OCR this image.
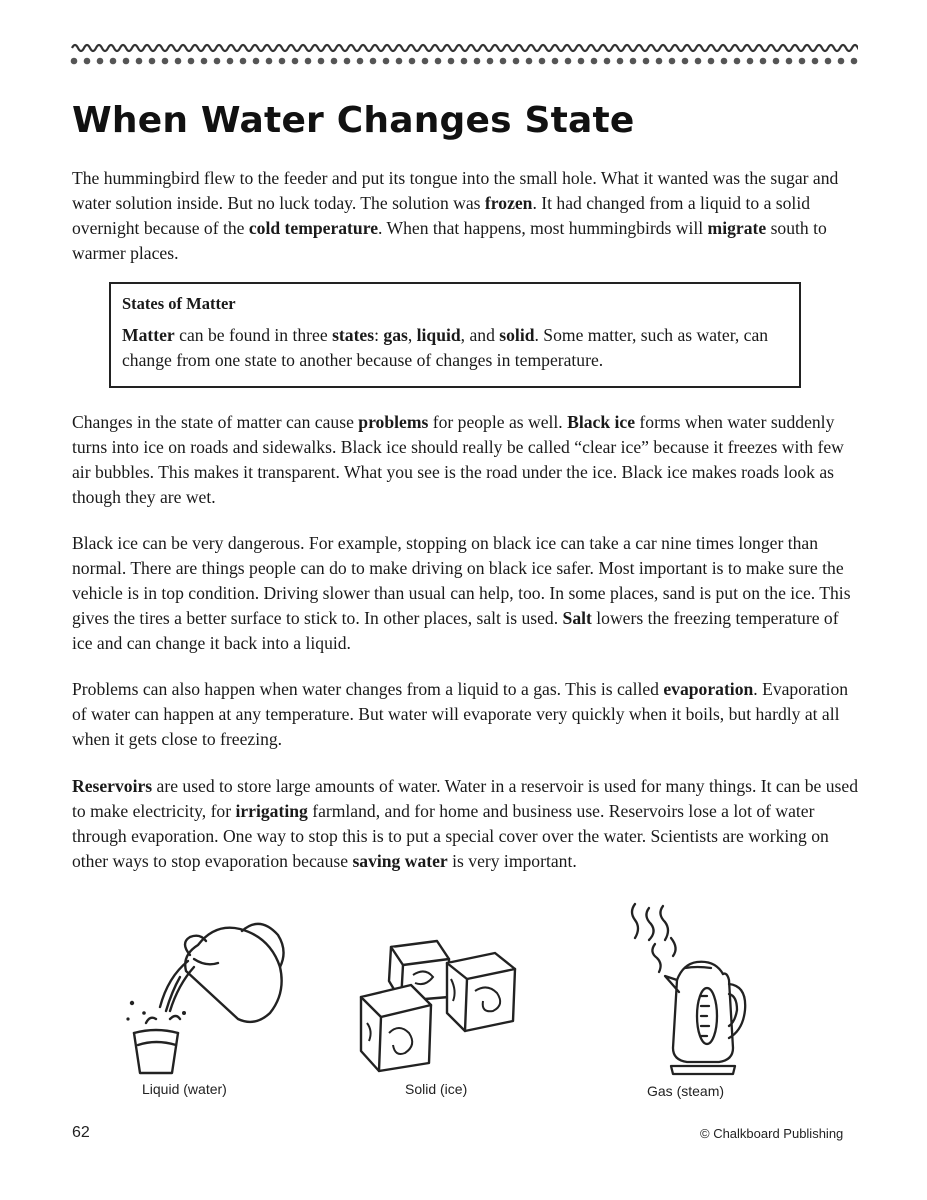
When Water Changes State

The hummingbird flew to the feeder and put its tongue into the small hole. What it wanted was the sugar and water solution inside. But no luck today. The solution was frozen. It had changed from a liquid to a solid overnight because of the cold temperature. When that happens, most hummingbirds will migrate south to warmer places.

States of Matter

Matter can be found in three states: gas, liquid, and solid. Some matter, such as water, can change from one state to another because of changes in temperature.

Changes in the state of matter can cause problems for people as well. Black ice forms when water suddenly turns into ice on roads and sidewalks. Black ice should really be called “clear ice” because it freezes with few air bubbles. This makes it transparent. What you see is the road under the ice. Black ice makes roads look as though they are wet.

Black ice can be very dangerous. For example, stopping on black ice can take a car nine times longer than normal. There are things people can do to make driving on black ice safer. Most important is to make sure the vehicle is in top condition. Driving slower than usual can help, too. In some places, sand is put on the ice. This gives the tires a better surface to stick to. In other places, salt is used. Salt lowers the freezing temperature of ice and can change it back into a liquid.

Problems can also happen when water changes from a liquid to a gas. This is called evaporation. Evaporation of water can happen at any temperature. But water will evaporate very quickly when it boils, but hardly at all when it gets close to freezing.

Reservoirs are used to store large amounts of water. Water in a reservoir is used for many things. It can be used to make electricity, for irrigating farmland, and for home and business use. Reservoirs lose a lot of water through evaporation. One way to stop this is to put a special cover over the water. Scientists are working on other ways to stop evaporation because saving water is very important.

Liquid (water)	Solid (ice)	Gas (steam)
62	© Chalkboard Publishing
